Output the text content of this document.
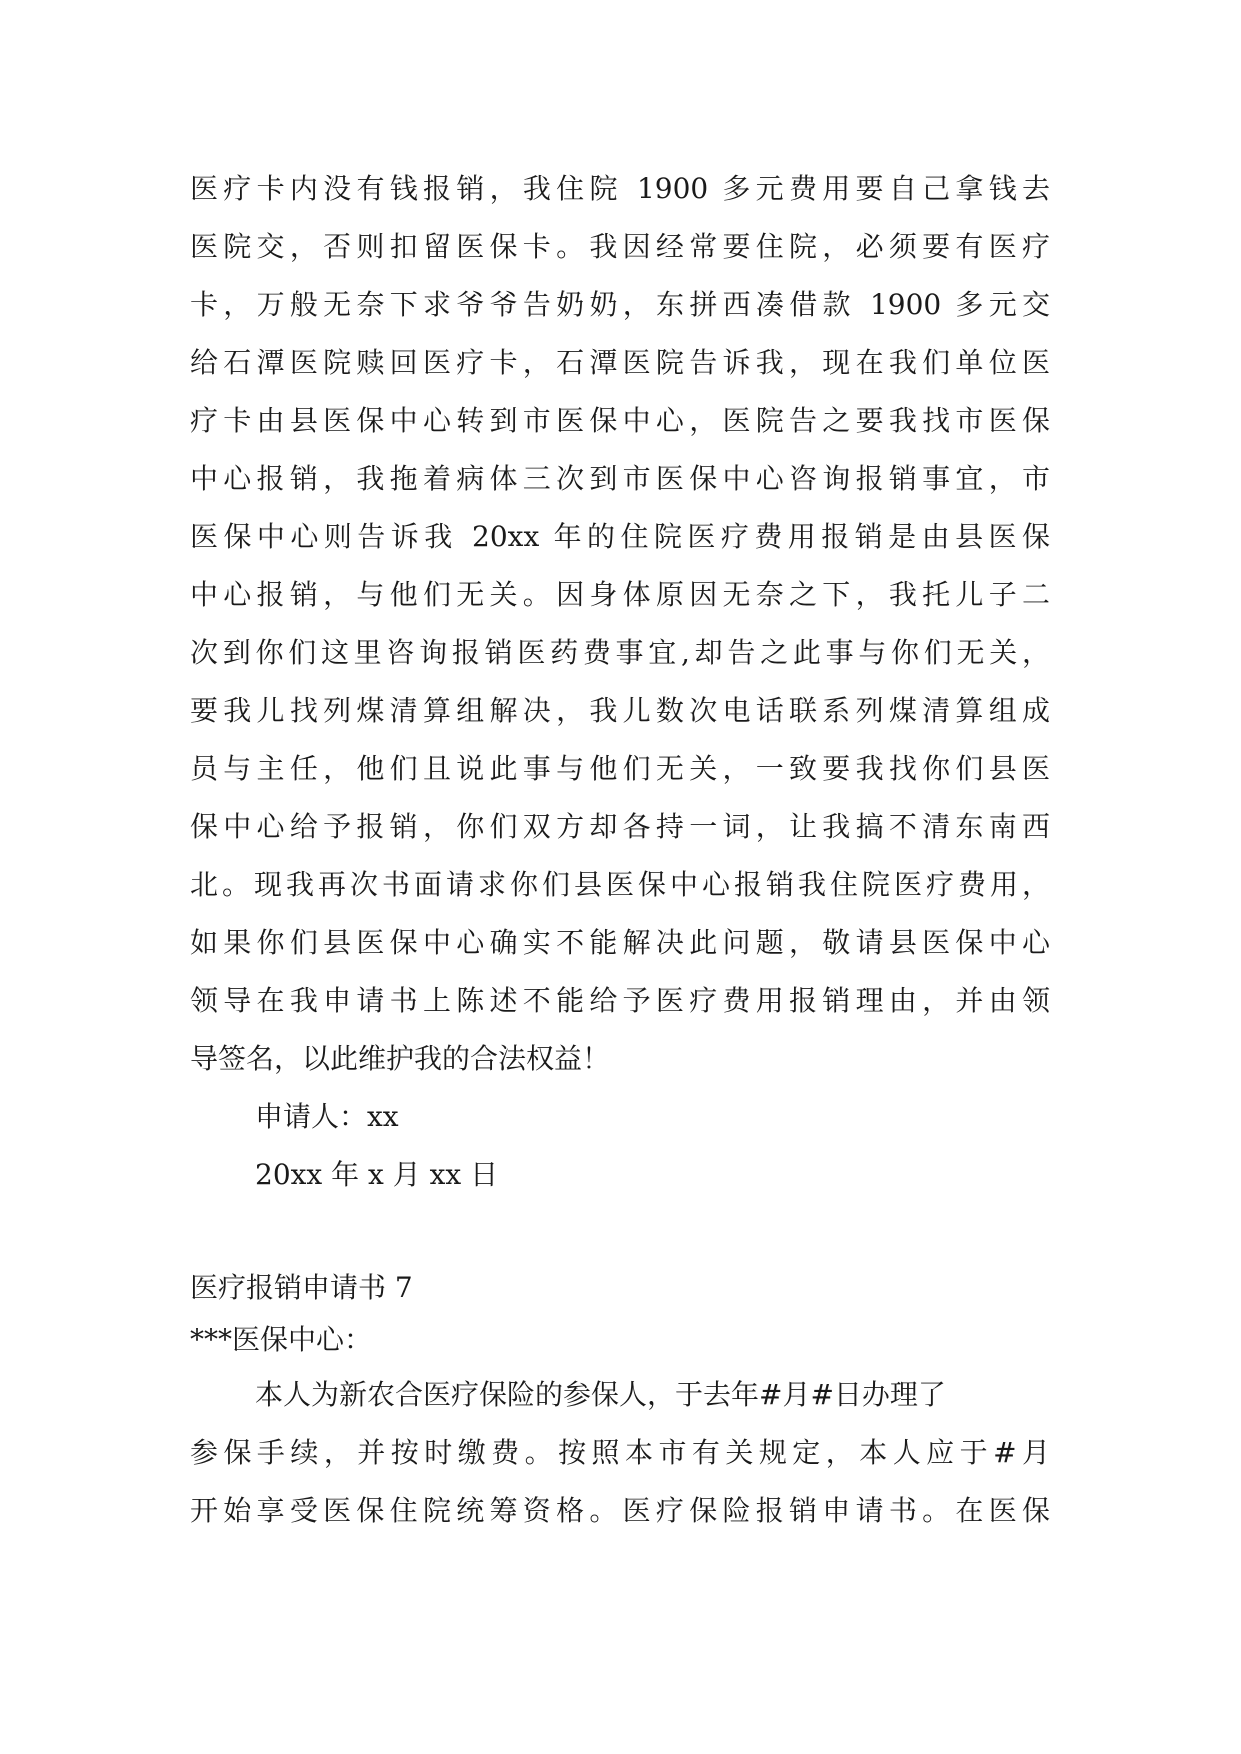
医疗卡内没有钱报销，我住院 1900 多元费用要自己拿钱去
医院交，否则扣留医保卡。我因经常要住院，必须要有医疗
卡，万般无奈下求爷爷告奶奶，东拼西凑借款 1900 多元交
给石潭医院赎回医疗卡，石潭医院告诉我，现在我们单位医
疗卡由县医保中心转到市医保中心，医院告之要我找市医保
中心报销，我拖着病体三次到市医保中心咨询报销事宜，市
医保中心则告诉我 20xx 年的住院医疗费用报销是由县医保
中心报销，与他们无关。因身体原因无奈之下，我托儿子二
次到你们这里咨询报销医药费事宜,却告之此事与你们无关，
要我儿找列煤清算组解决，我儿数次电话联系列煤清算组成
员与主任，他们且说此事与他们无关，一致要我找你们县医
保中心给予报销，你们双方却各持一词，让我搞不清东南西
北。现我再次书面请求你们县医保中心报销我住院医疗费用，
如果你们县医保中心确实不能解决此问题，敬请县医保中心
领导在我申请书上陈述不能给予医疗费用报销理由，并由领
导签名，以此维护我的合法权益！
申请人：xx
20xx 年 x 月 xx 日
医疗报销申请书 7
***医保中心：
本人为新农合医疗保险的参保人，于去年#月#日办理了
参保手续，并按时缴费。按照本市有关规定，本人应于#月
开始享受医保住院统筹资格。医疗保险报销申请书。在医保
